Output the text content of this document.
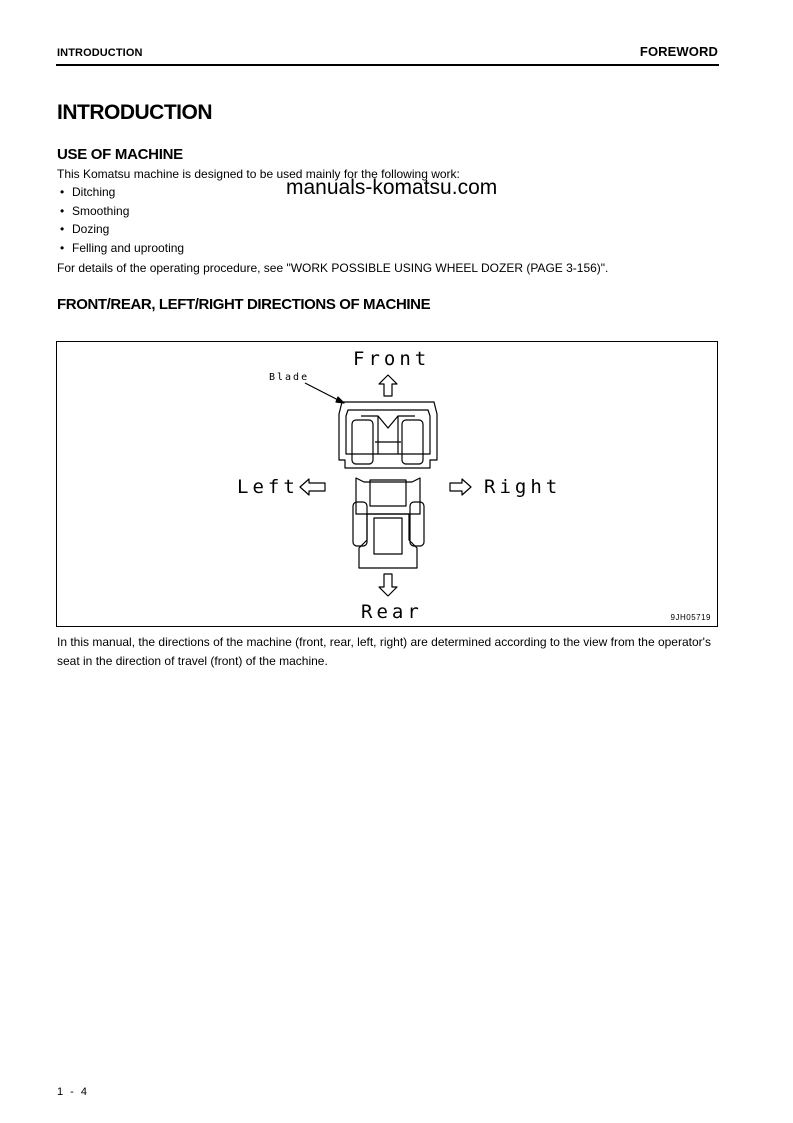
INTRODUCTION	FOREWORD
INTRODUCTION
USE OF MACHINE
This Komatsu machine is designed to be used mainly for the following work:
manuals-komatsu.com
• Ditching
• Smoothing
• Dozing
• Felling and uprooting
For details of the operating procedure, see "WORK POSSIBLE USING WHEEL DOZER (PAGE 3-156)".
FRONT/REAR, LEFT/RIGHT DIRECTIONS OF MACHINE
Front
Rear
Left	Right
Blade
9JH05719
In this manual, the directions of the machine (front, rear, left, right) are determined according to the view from the operator's seat in the direction of travel (front) of the machine.
1 - 4
